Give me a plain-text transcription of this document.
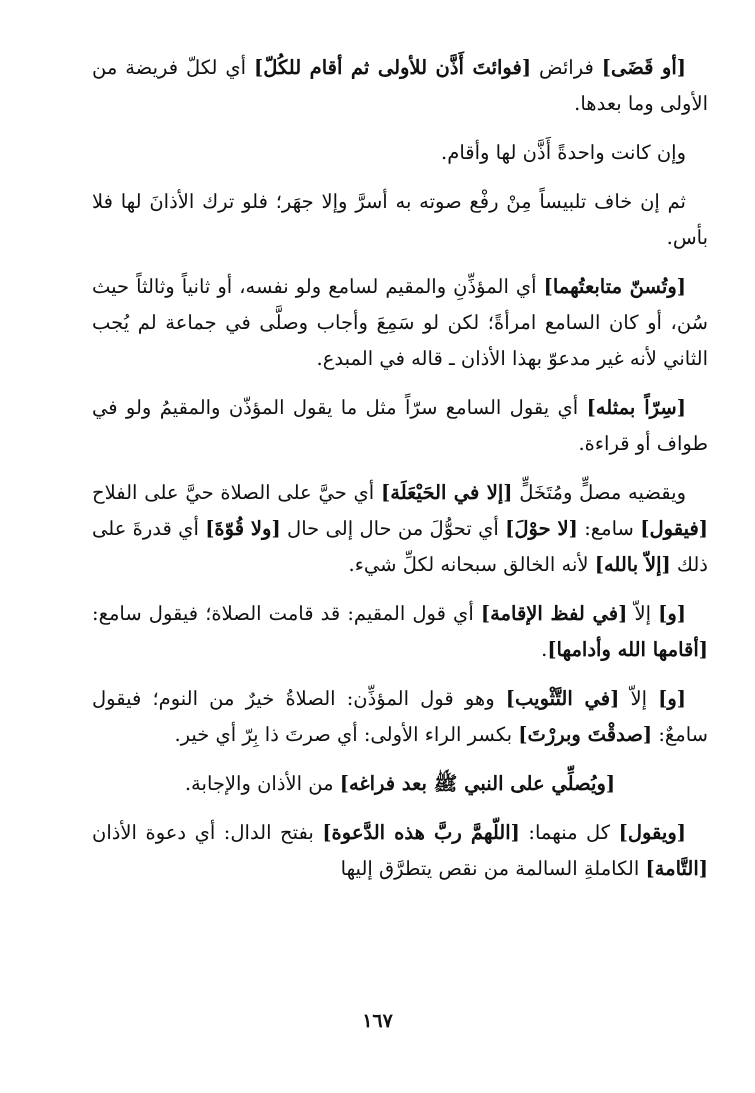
[أو قَضَى] فرائض [فوائتَ أَذَّن للأولى ثم أقام للكُلّ] أي لكلّ فريضة من الأولى وما بعدها.

وإن كانت واحدةً أَذَّن لها وأقام.

ثم إن خاف تلبيساً مِنْ رفْع صوته به أسرَّ وإلا جهَر؛ فلو ترك الأذانَ لها فلا بأس.

[وتُسنّ متابعتُهما] أي المؤذِّنِ والمقيم لسامع ولو نفسه، أو ثانياً وثالثاً حيث سُن، أو كان السامع امرأةً؛ لكن لو سَمِعَ وأجاب وصلَّى في جماعة لم يُجب الثاني لأنه غير مدعوّ بهذا الأذان ـ قاله في المبدع.

[سِرّاً بمثله] أي يقول السامع سرّاً مثل ما يقول المؤذّن والمقيمُ ولو في طواف أو قراءة.

ويقضيه مصلٍّ ومُتَخَلٍّ [إلا في الحَيْعَلَة] أي حيَّ على الصلاة حيَّ على الفلاح [فيقول] سامع: [لا حوْلَ] أي تحوُّلَ من حال إلى حال [ولا قُوّةَ] أي قدرةَ على ذلك [إلاّ بالله] لأنه الخالق سبحانه لكلِّ شيء.

[و] إلاّ [في لفظ الإقامة] أي قول المقيم: قد قامت الصلاة؛ فيقول سامع: [أقامها الله وأدامها].

[و] إلاّ [في التَّثْويب] وهو قول المؤذِّن: الصلاةُ خيرٌ من النوم؛ فيقول سامعٌ: [صدقْتَ وبررْتَ] بكسر الراء الأولى: أي صرتَ ذا بِرّ أي خير.

[ويُصلِّي على النبي ﷺ بعد فراغه] من الأذان والإجابة.

[ويقول] كل منهما: [اللّهمَّ ربَّ هذه الدَّعوة] بفتح الدال: أي دعوة الأذان [التَّامة] الكاملةِ السالمة من نقص يتطرَّق إليها

١٦٧
